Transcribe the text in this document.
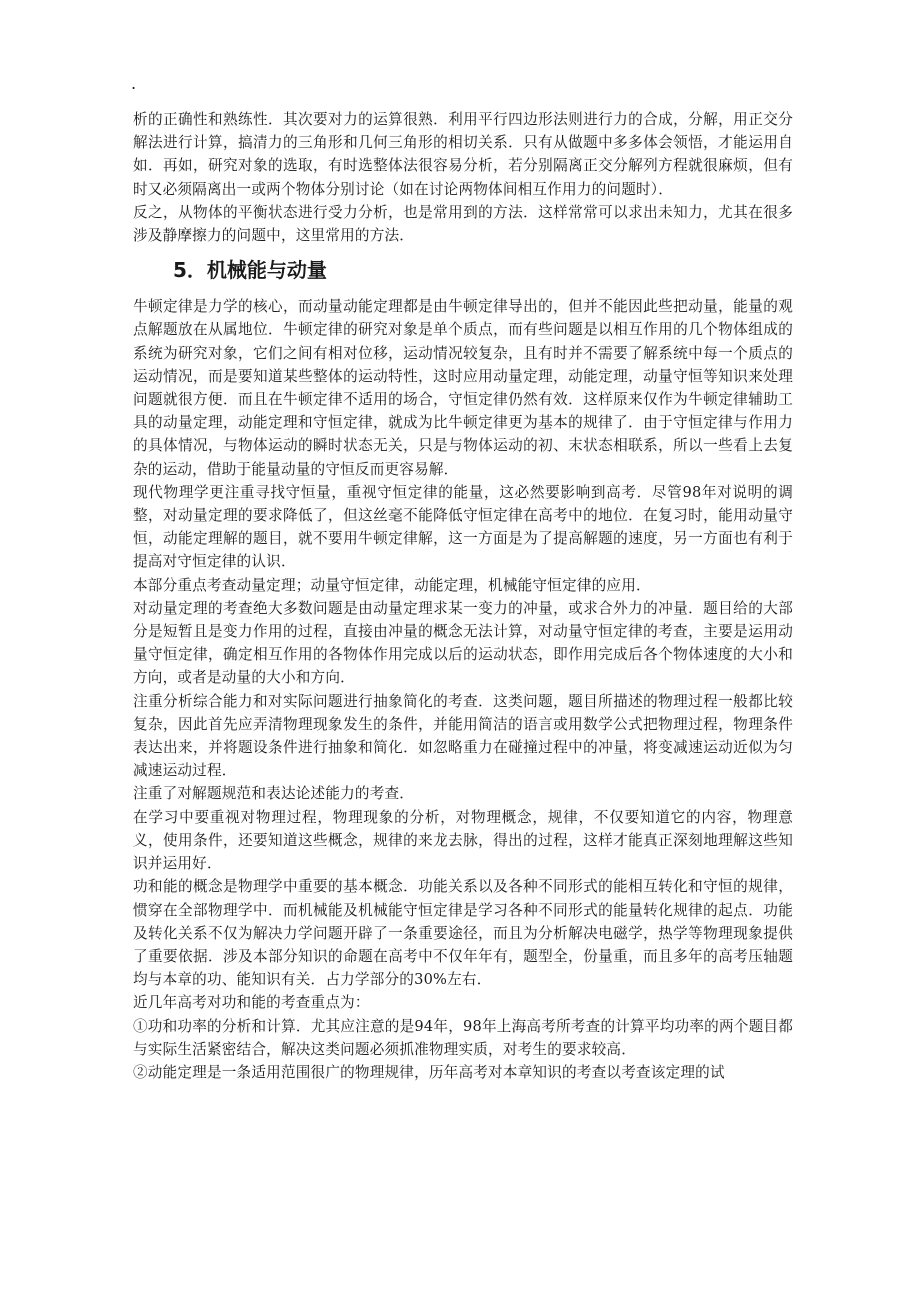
.

析的正确性和熟练性．其次要对力的运算很熟．利用平行四边形法则进行力的合成，分解，用正交分解法进行计算，搞清力的三角形和几何三角形的相切关系．只有从做题中多多体会领悟，才能运用自如．再如，研究对象的选取，有时选整体法很容易分析，若分别隔离正交分解列方程就很麻烦，但有时又必须隔离出一或两个物体分别讨论（如在讨论两物体间相互作用力的问题时）．

反之，从物体的平衡状态进行受力分析，也是常用到的方法．这样常常可以求出未知力，尤其在很多涉及静摩擦力的问题中，这里常用的方法．

5．机械能与动量

牛顿定律是力学的核心，而动量动能定理都是由牛顿定律导出的，但并不能因此些把动量，能量的观点解题放在从属地位．牛顿定律的研究对象是单个质点，而有些问题是以相互作用的几个物体组成的系统为研究对象，它们之间有相对位移，运动情况较复杂，且有时并不需要了解系统中每一个质点的运动情况，而是要知道某些整体的运动特性，这时应用动量定理，动能定理，动量守恒等知识来处理问题就很方便．而且在牛顿定律不适用的场合，守恒定律仍然有效．这样原来仅作为牛顿定律辅助工具的动量定理，动能定理和守恒定律，就成为比牛顿定律更为基本的规律了．由于守恒定律与作用力的具体情况，与物体运动的瞬时状态无关，只是与物体运动的初、末状态相联系，所以一些看上去复杂的运动，借助于能量动量的守恒反而更容易解．

现代物理学更注重寻找守恒量，重视守恒定律的能量，这必然要影响到高考．尽管98年对说明的调整，对动量定理的要求降低了，但这丝毫不能降低守恒定律在高考中的地位．在复习时，能用动量守恒，动能定理解的题目，就不要用牛顿定律解，这一方面是为了提高解题的速度，另一方面也有利于提高对守恒定律的认识．

本部分重点考查动量定理；动量守恒定律，动能定理，机械能守恒定律的应用．

对动量定理的考查绝大多数问题是由动量定理求某一变力的冲量，或求合外力的冲量．题目给的大部分是短暂且是变力作用的过程，直接由冲量的概念无法计算，对动量守恒定律的考查，主要是运用动量守恒定律，确定相互作用的各物体作用完成以后的运动状态，即作用完成后各个物体速度的大小和方向，或者是动量的大小和方向．

注重分析综合能力和对实际问题进行抽象简化的考查．这类问题，题目所描述的物理过程一般都比较复杂，因此首先应弄清物理现象发生的条件，并能用简洁的语言或用数学公式把物理过程，物理条件表达出来，并将题设条件进行抽象和简化．如忽略重力在碰撞过程中的冲量，将变减速运动近似为匀减速运动过程．

注重了对解题规范和表达论述能力的考查．

在学习中要重视对物理过程，物理现象的分析，对物理概念，规律，不仅要知道它的内容，物理意义，使用条件，还要知道这些概念，规律的来龙去脉，得出的过程，这样才能真正深刻地理解这些知识并运用好．

功和能的概念是物理学中重要的基本概念．功能关系以及各种不同形式的能相互转化和守恒的规律，惯穿在全部物理学中．而机械能及机械能守恒定律是学习各种不同形式的能量转化规律的起点．功能及转化关系不仅为解决力学问题开辟了一条重要途径，而且为分析解决电磁学，热学等物理现象提供了重要依据．涉及本部分知识的命题在高考中不仅年年有，题型全，份量重，而且多年的高考压轴题均与本章的功、能知识有关．占力学部分的30%左右．

近几年高考对功和能的考查重点为：

①功和功率的分析和计算．尤其应注意的是94年，98年上海高考所考查的计算平均功率的两个题目都与实际生活紧密结合，解决这类问题必须抓准物理实质，对考生的要求较高．

②动能定理是一条适用范围很广的物理规律，历年高考对本章知识的考查以考查该定理的试
